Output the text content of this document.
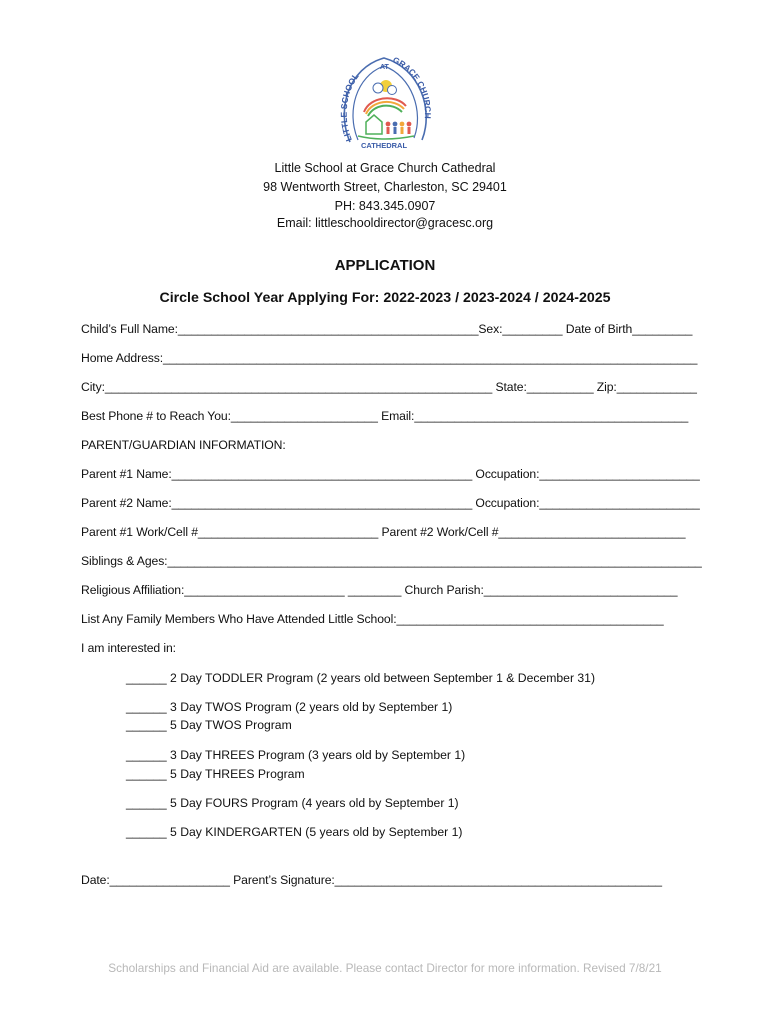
LITTLE SCHOOL
AT
GRACE CHURCH
CATHEDRAL
Little School at Grace Church Cathedral
98 Wentworth Street, Charleston, SC 29401
PH: 843.345.0907
Email: littleschooldirector@gracesc.org
APPLICATION
Circle School Year Applying For: 2022-2023 / 2023-2024 / 2024-2025
Child’s Full Name:_____________________________________________Sex:_________ Date of Birth_________
Home Address:________________________________________________________________________________
City:__________________________________________________________ State:__________ Zip:____________
Best Phone # to Reach You:______________________ Email:_________________________________________
PARENT/GUARDIAN INFORMATION:
Parent #1 Name:_____________________________________________ Occupation:________________________
Parent #2 Name:_____________________________________________ Occupation:________________________
Parent #1 Work/Cell #___________________________ Parent #2 Work/Cell #____________________________
Siblings & Ages:________________________________________________________________________________
Religious Affiliation:________________________ ________ Church Parish:_____________________________
List Any Family Members Who Have Attended Little School:________________________________________
I am interested in:
______ 2 Day TODDLER Program (2 years old between September 1 & December 31)
______ 3 Day TWOS Program (2 years old by September 1)
______ 5 Day TWOS Program
______ 3 Day THREES Program (3 years old by September 1)
______ 5 Day THREES Program
______ 5 Day FOURS Program (4 years old by September 1)
______ 5 Day KINDERGARTEN (5 years old by September 1)
Date:__________________ Parent’s Signature:_________________________________________________
Scholarships and Financial Aid are available. Please contact Director for more information. Revised 7/8/21
